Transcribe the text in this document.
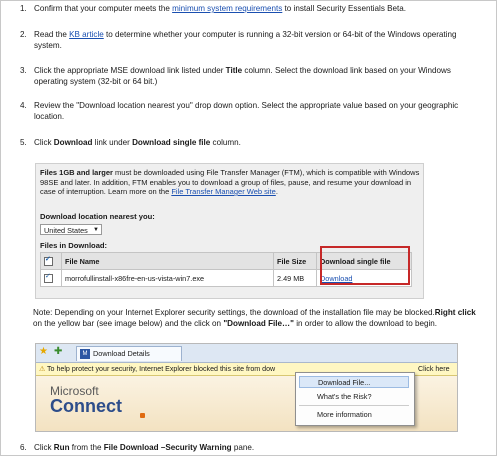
1. Confirm that your computer meets the minimum system requirements to install Security Essentials Beta.
2. Read the KB article to determine whether your computer is running a 32-bit version or 64-bit of the Windows operating system.
3. Click the appropriate MSE download link listed under Title column. Select the download link based on your Windows operating system (32-bit or 64 bit.)
4. Review the "Download location nearest you" drop down option. Select the appropriate value based on your geographic location.
5. Click Download link under Download single file column.
Files 1GB and larger must be downloaded using File Transfer Manager (FTM), which is compatible with Windows 98SE and later. In addition, FTM enables you to download a group of files, pause, and resume your download in case of interruption. Learn more on the File Transfer Manager Web site.
Download location nearest you:
United States ▼
Files in Download:
✓	File Name	File Size	Download single file
✓	morrofullinstall-x86fre-en-us-vista-win7.exe	2.49 MB	Download
Note: Depending on your Internet Explorer security settings, the download of the installation file may be blocked.Right click on the yellow bar (see image below) and the click on "Download File…" in order to allow the download to begin.
★ ✚	M Download Details
⚠ To help protect your security, Internet Explorer blocked this site from dow	Click here
Microsoft
Connect
Download File...
What's the Risk?
More information
6. Click Run from the File Download –Security Warning pane.
